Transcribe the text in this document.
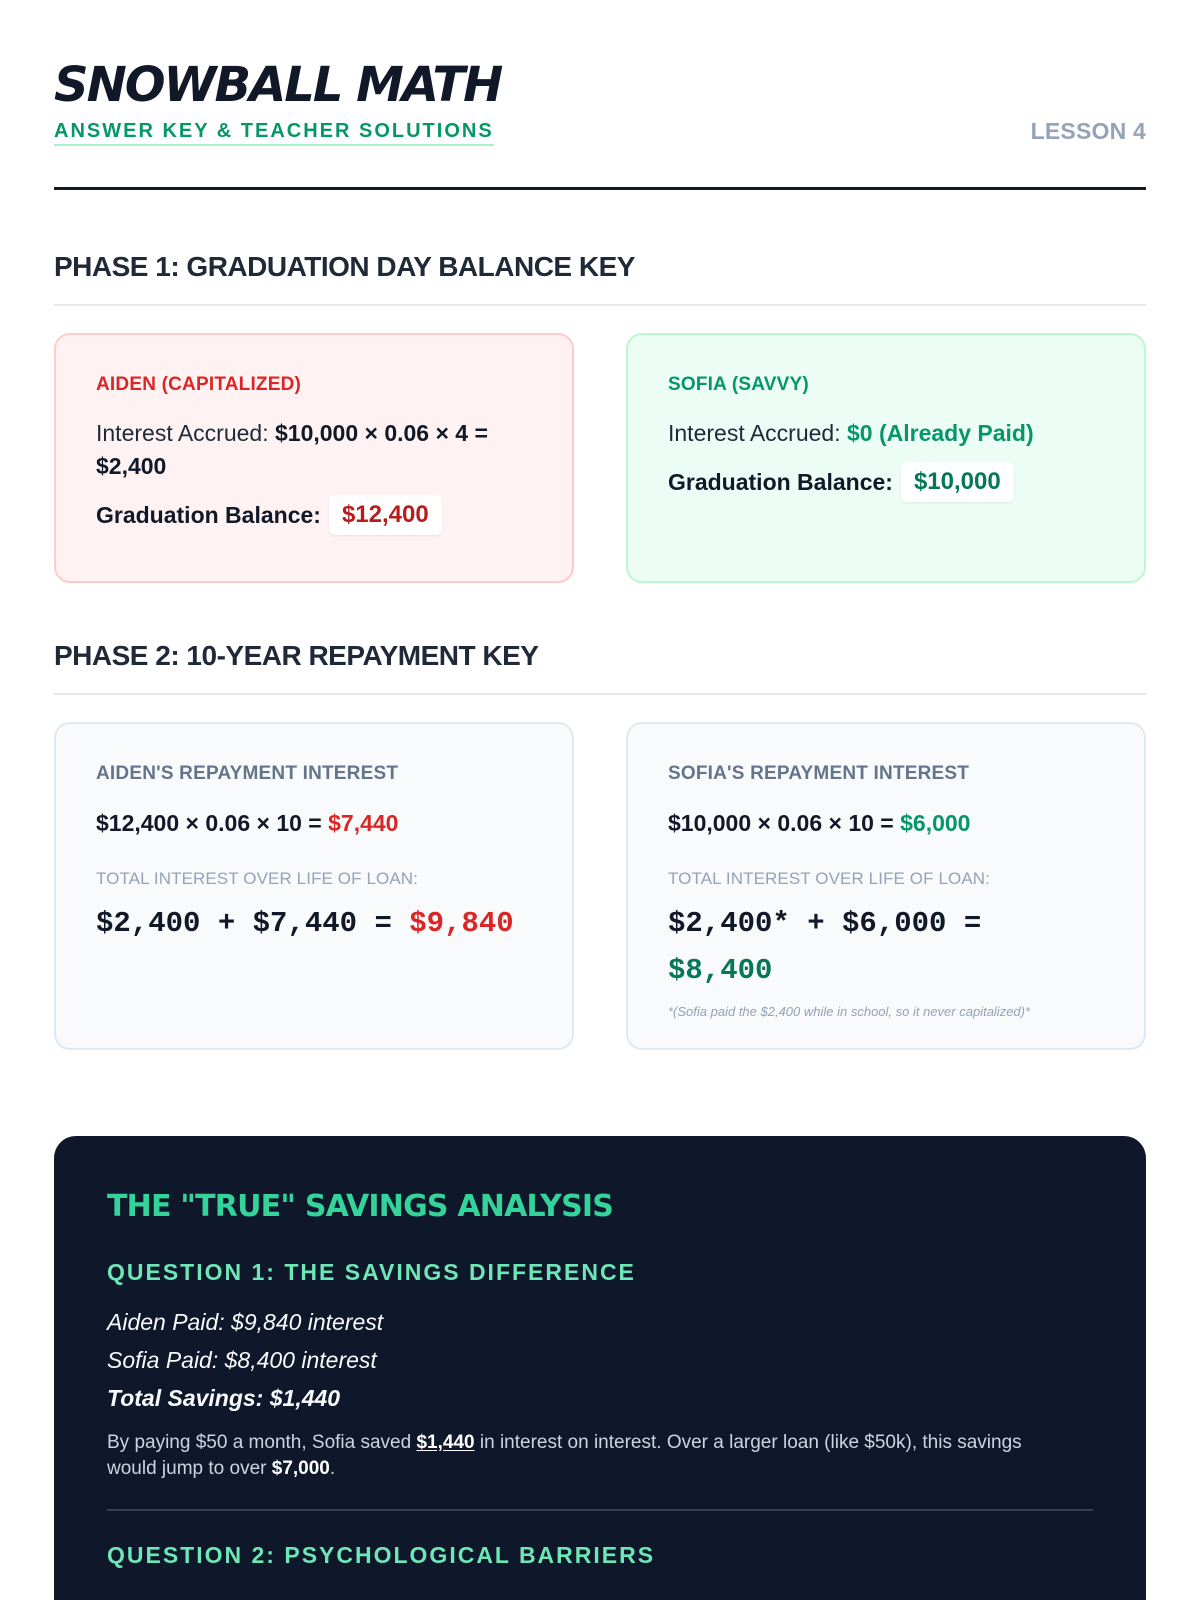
SNOWBALL MATH
ANSWER KEY & TEACHER SOLUTIONS	LESSON 4
PHASE 1: GRADUATION DAY BALANCE KEY
AIDEN (CAPITALIZED)
Interest Accrued: $10,000 × 0.06 × 4 = $2,400
Graduation Balance: $12,400
SOFIA (SAVVY)
Interest Accrued: $0 (Already Paid)
Graduation Balance: $10,000
PHASE 2: 10-YEAR REPAYMENT KEY
AIDEN'S REPAYMENT INTEREST
$12,400 × 0.06 × 10 = $7,440
TOTAL INTEREST OVER LIFE OF LOAN:
$2,400 + $7,440 = $9,840
SOFIA'S REPAYMENT INTEREST
$10,000 × 0.06 × 10 = $6,000
TOTAL INTEREST OVER LIFE OF LOAN:
$2,400* + $6,000 =
$8,400
*(Sofia paid the $2,400 while in school, so it never capitalized)*
THE "TRUE" SAVINGS ANALYSIS
QUESTION 1: THE SAVINGS DIFFERENCE
Aiden Paid: $9,840 interest
Sofia Paid: $8,400 interest
Total Savings: $1,440
By paying $50 a month, Sofia saved $1,440 in interest on interest. Over a larger loan (like $50k), this savings would jump to over $7,000.
QUESTION 2: PSYCHOLOGICAL BARRIERS
